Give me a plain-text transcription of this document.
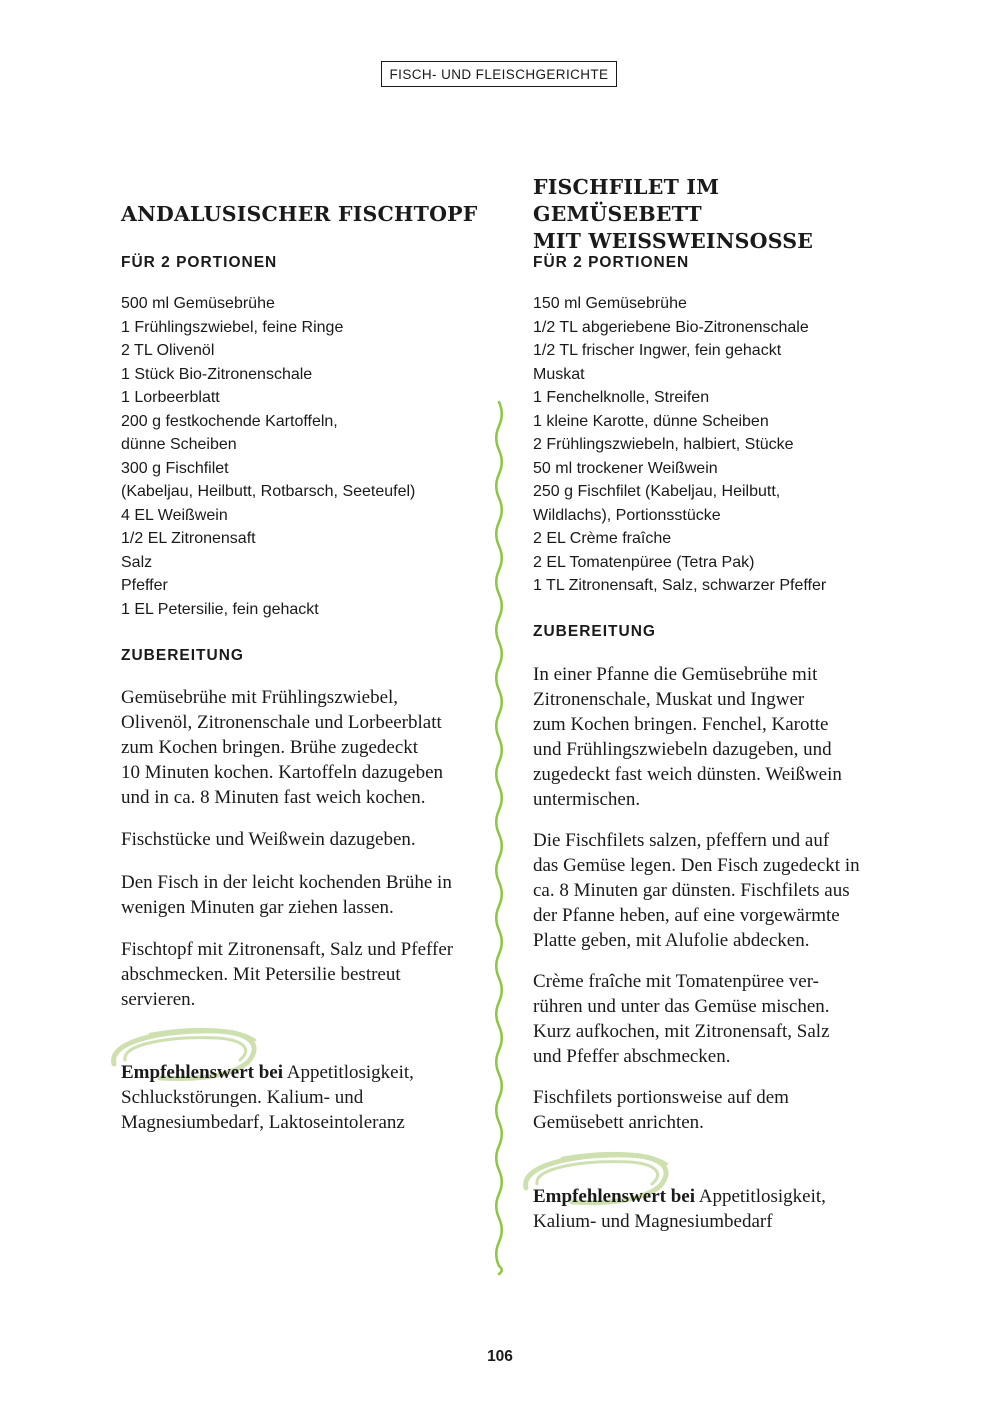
FISCH- UND FLEISCHGERICHTE
ANDALUSISCHER FISCHTOPF
FÜR 2 PORTIONEN
500 ml Gemüsebrühe
1 Frühlingszwiebel, feine Ringe
2 TL Olivenöl
1 Stück Bio-Zitronenschale
1 Lorbeerblatt
200 g festkochende Kartoffeln,
dünne Scheiben
300 g Fischfilet
(Kabeljau, Heilbutt, Rotbarsch, Seeteufel)
4 EL Weißwein
1/2 EL Zitronensaft
Salz
Pfeffer
1 EL Petersilie, fein gehackt
ZUBEREITUNG

Gemüsebrühe mit Frühlingszwiebel,
Olivenöl, Zitronenschale und Lorbeerblatt
zum Kochen bringen. Brühe zugedeckt
10 Minuten kochen. Kartoffeln dazugeben
und in ca. 8 Minuten fast weich kochen.

Fischstücke und Weißwein dazugeben.

Den Fisch in der leicht kochenden Brühe in
wenigen Minuten gar ziehen lassen.

Fischtopf mit Zitronensaft, Salz und Pfeffer
abschmecken. Mit Petersilie bestreut
servieren.

Empfehlenswert bei Appetitlosigkeit,
Schluckstörungen. Kalium- und
Magnesiumbedarf, Laktoseintoleranz

FISCHFILET IM GEMÜSEBETT
MIT WEISSWEINSOSSE
FÜR 2 PORTIONEN
150 ml Gemüsebrühe
1/2 TL abgeriebene Bio-Zitronenschale
1/2 TL frischer Ingwer, fein gehackt
Muskat
1 Fenchelknolle, Streifen
1 kleine Karotte, dünne Scheiben
2 Frühlingszwiebeln, halbiert, Stücke
50 ml trockener Weißwein
250 g Fischfilet (Kabeljau, Heilbutt,
Wildlachs), Portionsstücke
2 EL Crème fraîche
2 EL Tomatenpüree (Tetra Pak)
1 TL Zitronensaft, Salz, schwarzer Pfeffer
ZUBEREITUNG

In einer Pfanne die Gemüsebrühe mit
Zitronenschale, Muskat und Ingwer
zum Kochen bringen. Fenchel, Karotte
und Frühlingszwiebeln dazugeben, und
zugedeckt fast weich dünsten. Weißwein
untermischen.

Die Fischfilets salzen, pfeffern und auf
das Gemüse legen. Den Fisch zugedeckt in
ca. 8 Minuten gar dünsten. Fischfilets aus
der Pfanne heben, auf eine vorgewärmte
Platte geben, mit Alufolie abdecken.

Crème fraîche mit Tomatenpüree ver-
rühren und unter das Gemüse mischen.
Kurz aufkochen, mit Zitronensaft, Salz
und Pfeffer abschmecken.

Fischfilets portionsweise auf dem
Gemüsebett anrichten.

Empfehlenswert bei Appetitlosigkeit,
Kalium- und Magnesiumbedarf

106
